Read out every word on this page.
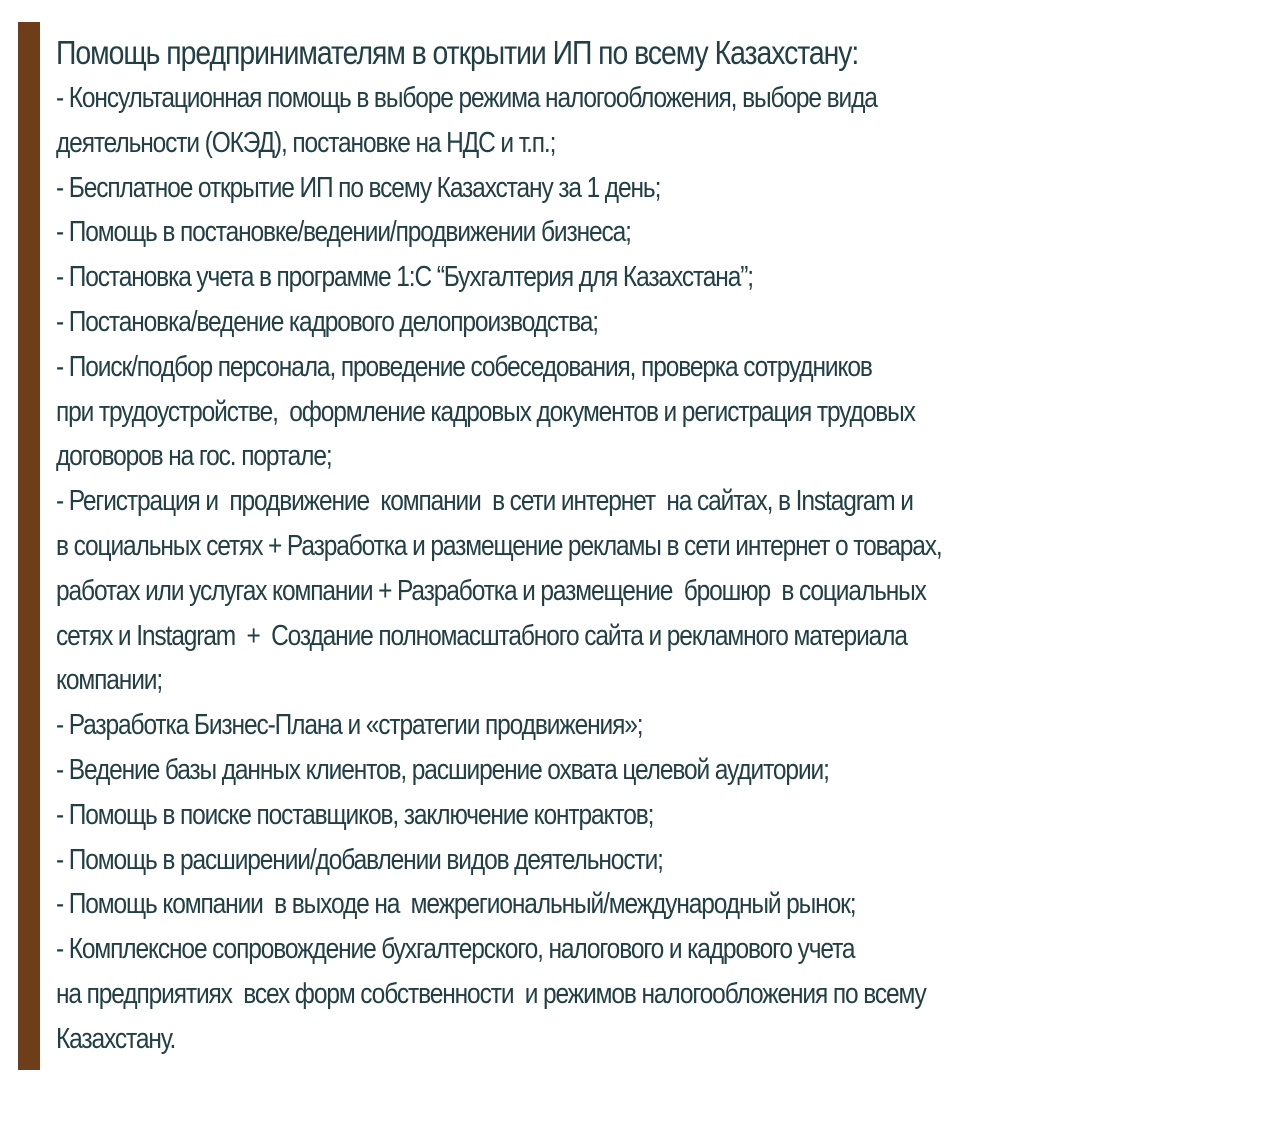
Помощь предпринимателям в открытии ИП по всему Казахстану:
- Консультационная помощь в выборе режима налогообложения, выборе вида
деятельности (ОКЭД), постановке на НДС и т.п.;
- Бесплатное открытие ИП по всему Казахстану за 1 день;
- Помощь в постановке/ведении/продвижении бизнеса;
- Постановка учета в программе 1:С “Бухгалтерия для Казахстана”;
- Постановка/ведение кадрового делопроизводства;
- Поиск/подбор персонала, проведение собеседования, проверка сотрудников
при трудоустройстве,  оформление кадровых документов и регистрация трудовых
договоров на гос. портале;
- Регистрация и  продвижение  компании  в сети интернет  на сайтах, в Instagram и
в социальных сетях + Разработка и размещение рекламы в сети интернет о товарах,
работах или услугах компании + Разработка и размещение  брошюр  в социальных
сетях и Instagram  +  Создание полномасштабного сайта и рекламного материала
компании;
- Разработка Бизнес-Плана и «стратегии продвижения»;
- Ведение базы данных клиентов, расширение охвата целевой аудитории;
- Помощь в поиске поставщиков, заключение контрактов;
- Помощь в расширении/добавлении видов деятельности;
- Помощь компании  в выходе на  межрегиональный/международный рынок;
- Комплексное сопровождение бухгалтерского, налогового и кадрового учета
на предприятиях  всех форм собственности  и режимов налогообложения по всему
Казахстану.
